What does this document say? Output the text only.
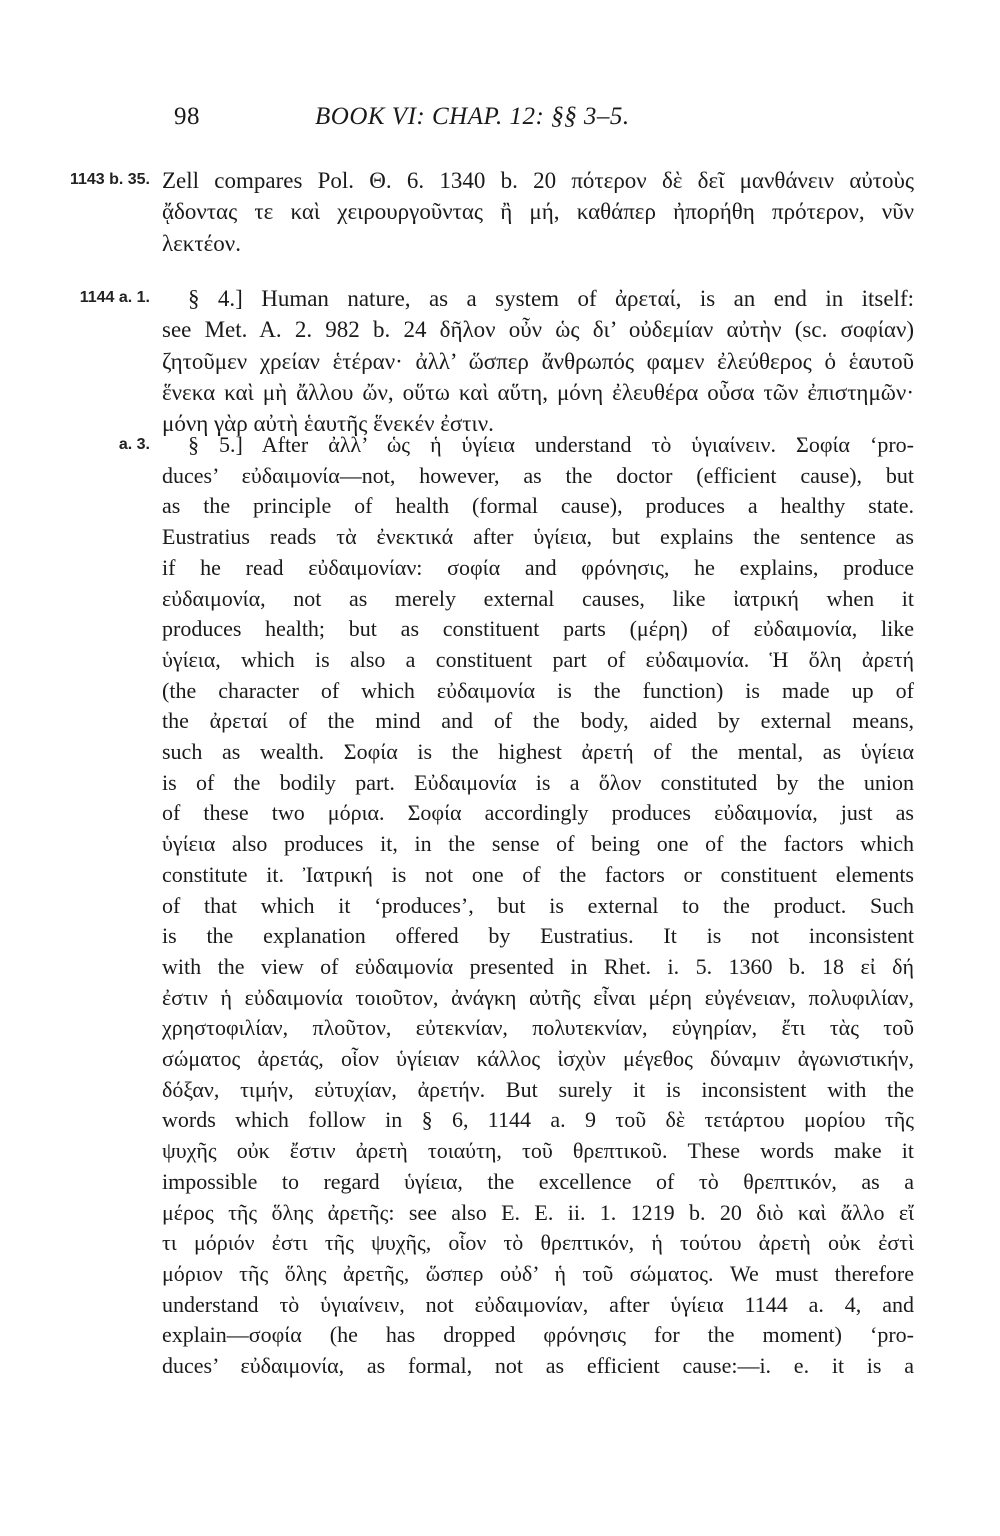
98	BOOK VI: CHAP. 12: §§ 3–5.
1143 b. 35. Zell compares Pol. Θ. 6. 1340 b. 20 πότερον δὲ δεῖ μανθάνειν αὐτοὺς
ᾄδοντας τε καὶ χειρουργοῦντας ἢ μή, καθάπερ ἠπορήθη πρότερον, νῦν
λεκτέον.
1144 a. 1.	§ 4.] Human nature, as a system of ἀρεταί, is an end in itself:
see Met. A. 2. 982 b. 24 δῆλον οὖν ὡς δι’ οὐδεμίαν αὐτὴν (sc. σοφίαν)
ζητοῦμεν χρείαν ἑτέραν· ἀλλ’ ὥσπερ ἄνθρωπός φαμεν ἐλεύθερος ὁ ἑαυτοῦ
ἕνεκα καὶ μὴ ἄλλου ὤν, οὕτω καὶ αὕτη, μόνη ἐλευθέρα οὖσα τῶν ἐπιστημῶν·
μόνη γὰρ αὐτὴ ἑαυτῆς ἕνεκέν ἐστιν.
a. 3.	§ 5.] After ἀλλ’ ὡς ἡ ὑγίεια understand τὸ ὑγιαίνειν. Σοφία ‘pro-
duces’ εὐδαιμονία—not, however, as the doctor (efficient cause), but
as the principle of health (formal cause), produces a healthy state.
Eustratius reads τὰ ἐνεκτικά after ὑγίεια, but explains the sentence as
if he read εὐδαιμονίαν: σοφία and φρόνησις, he explains, produce
εὐδαιμονία, not as merely external causes, like ἰατρική when it
produces health; but as constituent parts (μέρη) of εὐδαιμονία, like
ὑγίεια, which is also a constituent part of εὐδαιμονία. Ἡ ὅλη ἀρετή
(the character of which εὐδαιμονία is the function) is made up of
the ἀρεταί of the mind and of the body, aided by external means,
such as wealth. Σοφία is the highest ἀρετή of the mental, as ὑγίεια
is of the bodily part. Εὐδαιμονία is a ὅλον constituted by the union
of these two μόρια. Σοφία accordingly produces εὐδαιμονία, just as
ὑγίεια also produces it, in the sense of being one of the factors which
constitute it. Ἰατρική is not one of the factors or constituent elements
of that which it ‘produces’, but is external to the product. Such
is the explanation offered by Eustratius. It is not inconsistent
with the view of εὐδαιμονία presented in Rhet. i. 5. 1360 b. 18 εἰ δή
ἐστιν ἡ εὐδαιμονία τοιοῦτον, ἀνάγκη αὐτῆς εἶναι μέρη εὐγένειαν, πολυφιλίαν,
χρηστοφιλίαν, πλοῦτον, εὐτεκνίαν, πολυτεκνίαν, εὐγηρίαν, ἔτι τὰς τοῦ
σώματος ἀρετάς, οἷον ὑγίειαν κάλλος ἰσχὺν μέγεθος δύναμιν ἀγωνιστικήν,
δόξαν, τιμήν, εὐτυχίαν, ἀρετήν. But surely it is inconsistent with the
words which follow in § 6, 1144 a. 9 τοῦ δὲ τετάρτου μορίου τῆς
ψυχῆς οὐκ ἔστιν ἀρετὴ τοιαύτη, τοῦ θρεπτικοῦ. These words make it
impossible to regard ὑγίεια, the excellence of τὸ θρεπτικόν, as a
μέρος τῆς ὅλης ἀρετῆς: see also E. E. ii. 1. 1219 b. 20 διὸ καὶ ἄλλο εἴ
τι μόριόν ἐστι τῆς ψυχῆς, οἷον τὸ θρεπτικόν, ἡ τούτου ἀρετὴ οὐκ ἐστὶ
μόριον τῆς ὅλης ἀρετῆς, ὥσπερ οὐδ’ ἡ τοῦ σώματος. We must therefore
understand τὸ ὑγιαίνειν, not εὐδαιμονίαν, after ὑγίεια 1144 a. 4, and
explain—σοφία (he has dropped φρόνησις for the moment) ‘pro-
duces’ εὐδαιμονία, as formal, not as efficient cause:—i. e. it is a
